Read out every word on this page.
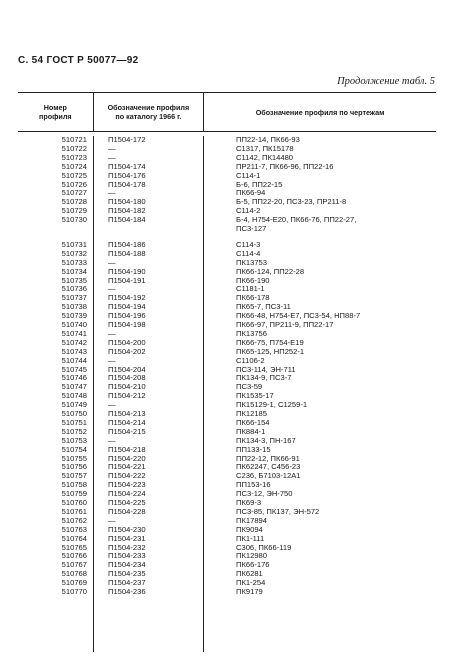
С. 54 ГОСТ Р 50077—92
Продолжение табл. 5
Номер
профиля
Обозначение профиля
по каталогу 1966 г.	Обозначение профиля по чертежам
510721
510722
510723
510724
510725
510726
510727
510728
510729
510730
510731
510732
510733
510734
510735
510736
510737
510738
510739
510740
510741
510742
510743
510744
510745
510746
510747
510748
510749
510750
510751
510752
510753
510754
510755
510756
510757
510758
510759
510760
510761
510762
510763
510764
510765
510766
510767
510768
510769
510770
П1504-172
—
—
П1504-174
П1504-176
П1504-178
—
П1504-180
П1504-182
П1504-184
П1504-186
П1504-188
—
П1504-190
П1504-191
—
П1504-192
П1504-194
П1504-196
П1504-198
—
П1504-200
П1504-202
—
П1504-204
П1504-208
П1504-210
П1504-212
—
П1504-213
П1504-214
П1504-215
—
П1504-218
П1504-220
П1504-221
П1504-222
П1504-223
П1504-224
П1504-225
П1504-228
—
П1504-230
П1504-231
П1504-232
П1504-233
П1504-234
П1504-235
П1504-237
П1504-236
ПП22-14, ПК66-93
С1317, ПК15178
С1142, ПК14480
ПР211-7, ПК66-96, ПП22-16
С114-1
Б-6, ПП22-15
ПК66-94
Б-5, ПП22-20, ПС3-23, ПР211-8
С114-2
Б-4, Н754-Е20, ПК66-76, ПП22-27,
ПС3-127
С114-3
С114-4
ПК13753
ПК66-124, ПП22-28
ПК66-190
С1181-1
ПК66-178
ПК65-7, ПС3-11
ПК66-48, Н754-Е7, ПС3-54, НП88-7
ПК66-97, ПР211-9, ПП22-17
ПК13756
ПК66-75, П754-Е19
ПК65-125, НП252-1
С1106-2
ПС3-114, ЭН-711
ПК134-9, ПС3-7
ПС3-59
ПК1535-17
ПК15129-1, С1259-1
ПК12185
ПК66-154
ПК884-1
ПК134-3, ПН-167
ПП133-15
ПП22-12, ПК66-91
ПК62247, С456-23
С236, Б7103-12А1
ПП153-16
ПС3-12, ЭН-750
ПК69-3
ПС3-85, ПК137, ЭН-572
ПК17894
ПК9094
ПК1-111
С306, ПК66-119
ПК12980
ПК66-176
ПК6281
ПК1-254
ПК9179
